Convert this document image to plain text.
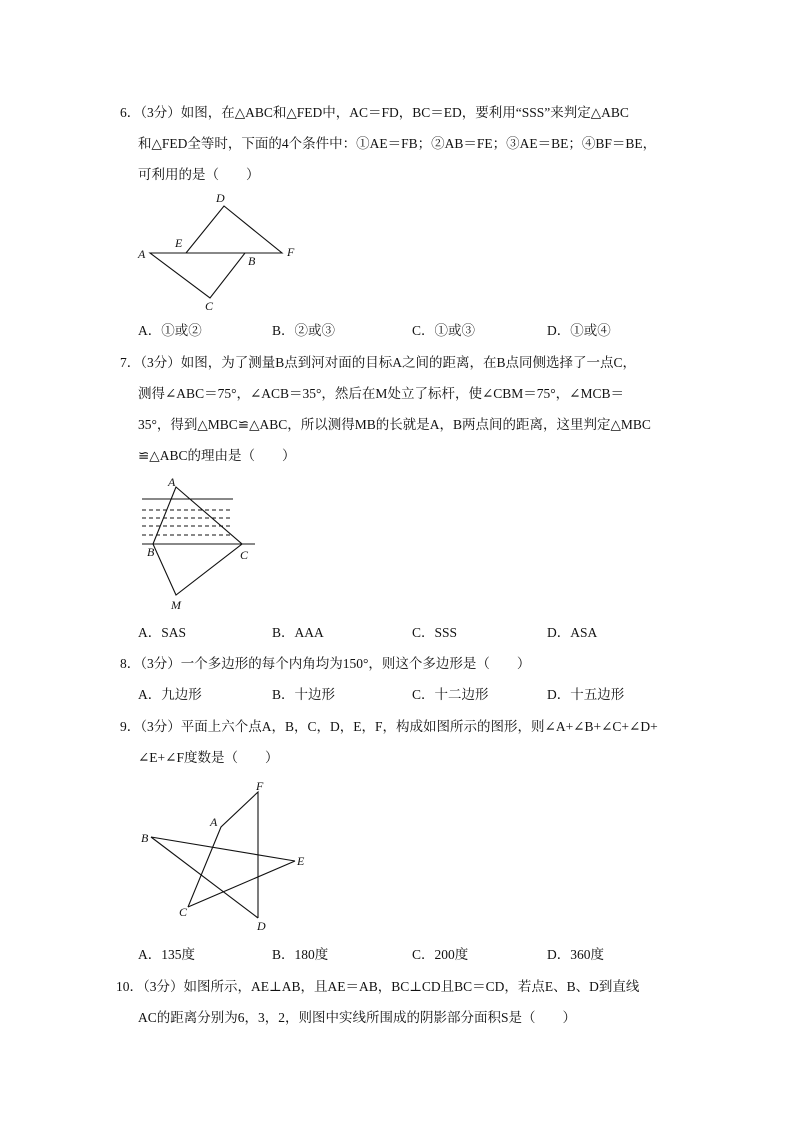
6．（3分）如图，在△ABC和△FED中，AC＝FD，BC＝ED，要利用“SSS”来判定△ABC
和△FED全等时，下面的4个条件中：①AE＝FB；②AB＝FE；③AE＝BE；④BF＝BE，
可利用的是（　　）
D
E
A	B
F
C
A．①或②	B．②或③	C．①或③	D．①或④
7．（3分）如图，为了测量B点到河对面的目标A之间的距离，在B点同侧选择了一点C，
测得∠ABC＝75°，∠ACB＝35°，然后在M处立了标杆，使∠CBM＝75°，∠MCB＝
35°，得到△MBC≌△ABC，所以测得MB的长就是A，B两点间的距离，这里判定△MBC
≌△ABC的理由是（　　）
A
B	C
M
A．SAS	B．AAA	C．SSS	D．ASA
8．（3分）一个多边形的每个内角均为150°，则这个多边形是（　　）
A．九边形	B．十边形	C．十二边形	D．十五边形
9．（3分）平面上六个点A，B，C，D，E，F，构成如图所示的图形，则∠A+∠B+∠C+∠D+
∠E+∠F度数是（　　）
F
A
B
E
C
D
A．135度	B．180度	C．200度	D．360度
10．（3分）如图所示，AE⊥AB，且AE＝AB，BC⊥CD且BC＝CD，若点E、B、D到直线
AC的距离分别为6，3，2，则图中实线所围成的阴影部分面积S是（　　）
